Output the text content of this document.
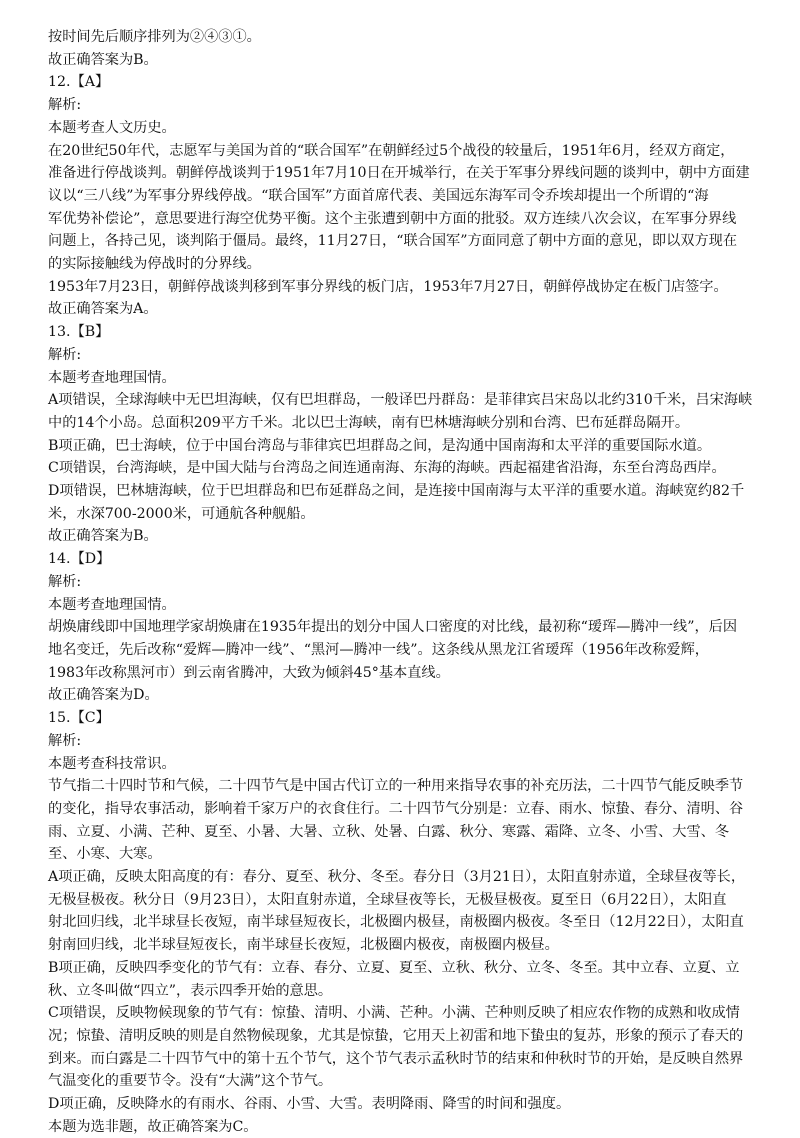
按时间先后顺序排列为②④③①。
故正确答案为B。
12.【A】
解析:
本题考查人文历史。
在20世纪50年代，志愿军与美国为首的“联合国军”在朝鲜经过5个战役的较量后，1951年6月，经双方商定，
准备进行停战谈判。朝鲜停战谈判于1951年7月10日在开城举行，在关于军事分界线问题的谈判中，朝中方面建
议以“三八线”为军事分界线停战。“联合国军”方面首席代表、美国远东海军司令乔埃却提出一个所谓的“海
军优势补偿论”，意思要进行海空优势平衡。这个主张遭到朝中方面的批驳。双方连续八次会议，在军事分界线
问题上，各持己见，谈判陷于僵局。最终，11月27日，“联合国军”方面同意了朝中方面的意见，即以双方现在
的实际接触线为停战时的分界线。
1953年7月23日，朝鲜停战谈判移到军事分界线的板门店，1953年7月27日，朝鲜停战协定在板门店签字。
故正确答案为A。
13.【B】
解析:
本题考查地理国情。
A项错误，全球海峡中无巴坦海峡，仅有巴坦群岛，一般译巴丹群岛：是菲律宾吕宋岛以北约310千米，吕宋海峡
中的14个小岛。总面积209平方千米。北以巴士海峡，南有巴林塘海峡分别和台湾、巴布延群岛隔开。
B项正确，巴士海峡，位于中国台湾岛与菲律宾巴坦群岛之间，是沟通中国南海和太平洋的重要国际水道。
C项错误，台湾海峡，是中国大陆与台湾岛之间连通南海、东海的海峡。西起福建省沿海，东至台湾岛西岸。
D项错误，巴林塘海峡，位于巴坦群岛和巴布延群岛之间，是连接中国南海与太平洋的重要水道。海峡宽约82千
米，水深700-2000米，可通航各种舰船。
故正确答案为B。
14.【D】
解析:
本题考查地理国情。
胡焕庸线即中国地理学家胡焕庸在1935年提出的划分中国人口密度的对比线，最初称“瑷珲—腾冲一线”，后因
地名变迁，先后改称“爱辉—腾冲一线”、“黑河—腾冲一线”。这条线从黑龙江省瑷珲（1956年改称爱辉，
1983年改称黑河市）到云南省腾冲，大致为倾斜45°基本直线。
故正确答案为D。
15.【C】
解析:
本题考查科技常识。
节气指二十四时节和气候，二十四节气是中国古代订立的一种用来指导农事的补充历法，二十四节气能反映季节
的变化，指导农事活动，影响着千家万户的衣食住行。二十四节气分别是：立春、雨水、惊蛰、春分、清明、谷
雨、立夏、小满、芒种、夏至、小暑、大暑、立秋、处暑、白露、秋分、寒露、霜降、立冬、小雪、大雪、冬
至、小寒、大寒。
A项正确，反映太阳高度的有：春分、夏至、秋分、冬至。春分日（3月21日），太阳直射赤道，全球昼夜等长，
无极昼极夜。秋分日（9月23日），太阳直射赤道，全球昼夜等长，无极昼极夜。夏至日（6月22日），太阳直
射北回归线，北半球昼长夜短，南半球昼短夜长，北极圈内极昼，南极圈内极夜。冬至日（12月22日），太阳直
射南回归线，北半球昼短夜长，南半球昼长夜短，北极圈内极夜，南极圈内极昼。
B项正确，反映四季变化的节气有：立春、春分、立夏、夏至、立秋、秋分、立冬、冬至。其中立春、立夏、立
秋、立冬叫做“四立”，表示四季开始的意思。
C项错误，反映物候现象的节气有：惊蛰、清明、小满、芒种。小满、芒种则反映了相应农作物的成熟和收成情
况；惊蛰、清明反映的则是自然物候现象，尤其是惊蛰，它用天上初雷和地下蛰虫的复苏，形象的预示了春天的
到来。而白露是二十四节气中的第十五个节气，这个节气表示孟秋时节的结束和仲秋时节的开始，是反映自然界
气温变化的重要节令。没有“大满”这个节气。
D项正确，反映降水的有雨水、谷雨、小雪、大雪。表明降雨、降雪的时间和强度。
本题为选非题，故正确答案为C。
